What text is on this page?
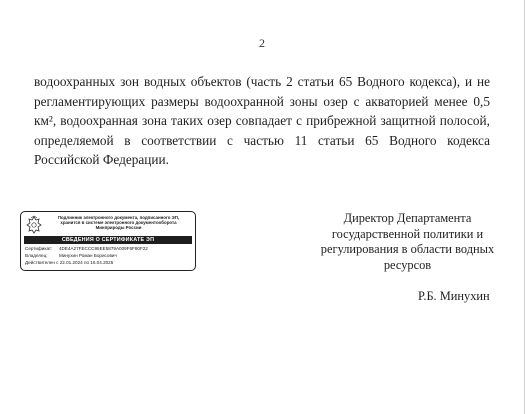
2

водоохранных зон водных объектов (часть 2 статьи 65 Водного кодекса), и не

регламентирующих размеры водоохранной зоны озер с акваторией менее 0,5 км², водоохранная зона таких озер совпадает с прибрежной защитной полосой, определяемой в соответствии с частью 11 статьи 65 Водного кодекса Российской Федерации.

Подлинник электронного документа, подписанного ЭП,
хранится в системе электронного документооборота
Минприроды России
СВЕДЕНИЯ О СЕРТИФИКАТЕ ЭП
Сертификат: 4DE4A27FECCC95EE5879A009F6F80F22
Владелец: Минухин Роман Борисович
Действителен с 22.01.2024 по 16.04.2025
Директор Департамента
государственной политики и
регулирования в области водных
ресурсов
Р.Б. Минухин
